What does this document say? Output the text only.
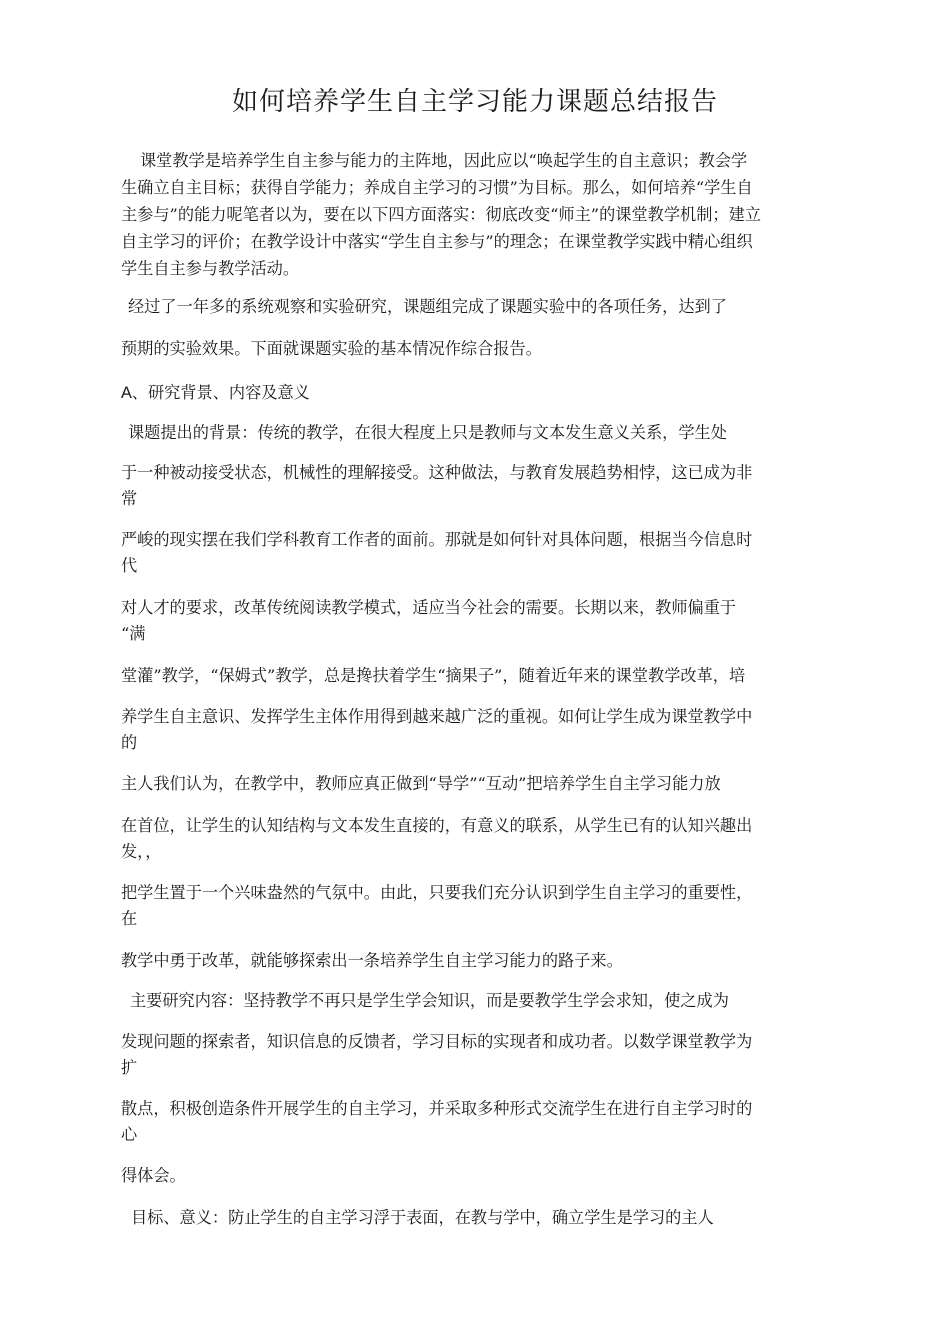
如何培养学生自主学习能力课题总结报告

课堂教学是培养学生自主参与能力的主阵地，因此应以“唤起学生的自主意识；教会学

生确立自主目标；获得自学能力；养成自主学习的习惯”为目标。那么，如何培养“学生自

主参与”的能力呢笔者以为，要在以下四方面落实：彻底改变“师主”的课堂教学机制；建立

自主学习的评价；在教学设计中落实“学生自主参与”的理念；在课堂教学实践中精心组织

学生自主参与教学活动。

经过了一年多的系统观察和实验研究，课题组完成了课题实验中的各项任务，达到了

预期的实验效果。下面就课题实验的基本情况作综合报告。

A、研究背景、内容及意义

课题提出的背景：传统的教学，在很大程度上只是教师与文本发生意义关系，学生处

于一种被动接受状态，机械性的理解接受。这种做法，与教育发展趋势相悖，这已成为非

常

严峻的现实摆在我们学科教育工作者的面前。那就是如何针对具体问题，根据当今信息时

代

对人才的要求，改革传统阅读教学模式，适应当今社会的需要。长期以来，教师偏重于

“满

堂灌”教学，“保姆式”教学，总是搀扶着学生“摘果子”，随着近年来的课堂教学改革，培

养学生自主意识、发挥学生主体作用得到越来越广泛的重视。如何让学生成为课堂教学中

的

主人我们认为，在教学中，教师应真正做到“导学”“互动”把培养学生自主学习能力放

在首位，让学生的认知结构与文本发生直接的，有意义的联系，从学生已有的认知兴趣出

发，，

把学生置于一个兴味盎然的气氛中。由此，只要我们充分认识到学生自主学习的重要性，

在

教学中勇于改革，就能够探索出一条培养学生自主学习能力的路子来。

主要研究内容：坚持教学不再只是学生学会知识，而是要教学生学会求知，使之成为

发现问题的探索者，知识信息的反馈者，学习目标的实现者和成功者。以数学课堂教学为

扩

散点，积极创造条件开展学生的自主学习，并采取多种形式交流学生在进行自主学习时的

心

得体会。

目标、意义：防止学生的自主学习浮于表面，在教与学中，确立学生是学习的主人
